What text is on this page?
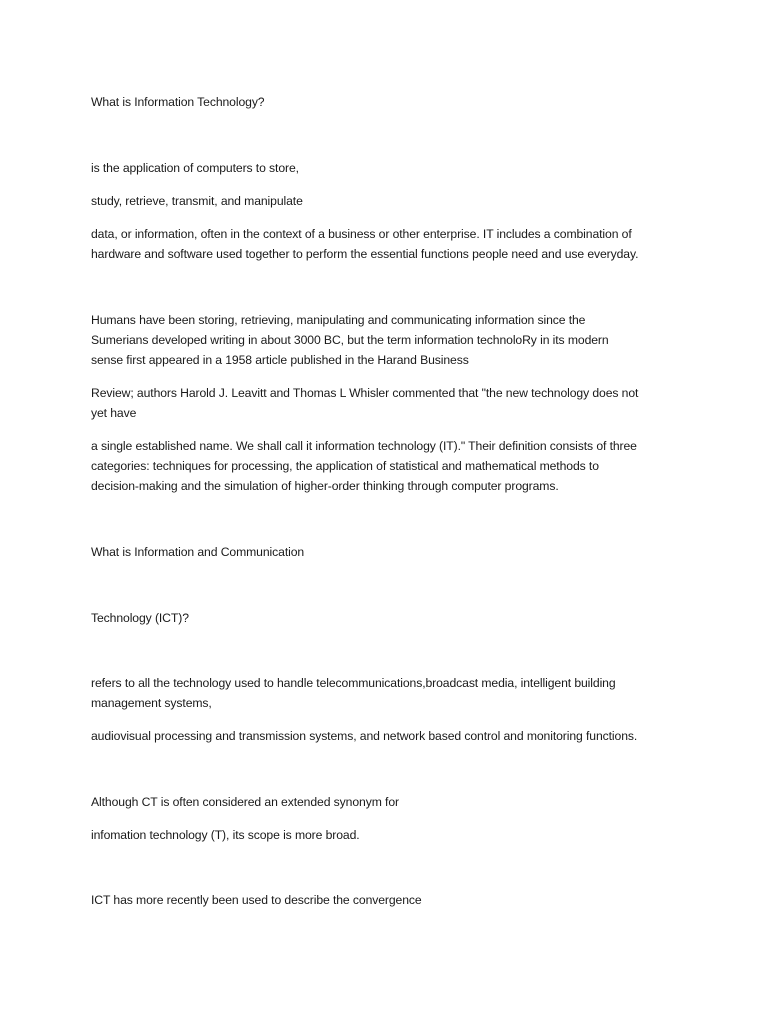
What is Information Technology?

is the application of computers to store,

study, retrieve, transmit, and manipulate

data, or information, often in the context of a business or other enterprise. IT includes a combination of
hardware and software used together to perform the essential functions people need and use everyday.

Humans have been storing, retrieving, manipulating and communicating information since the
Sumerians developed writing in about 3000 BC, but the term information technoloRy in its modern
sense first appeared in a 1958 article published in the Harand Business

Review; authors Harold J. Leavitt and Thomas L Whisler commented that "the new technology does not
yet have

a single established name. We shall call it information technology (IT)." Their definition consists of three
categories: techniques for processing, the application of statistical and mathematical methods to
decision-making and the simulation of higher-order thinking through computer programs.

What is Information and Communication

Technology (ICT)?

refers to all the technology used to handle telecommunications,broadcast media, intelligent building
management systems,

audiovisual processing and transmission systems, and network based control and monitoring functions.

Although CT is often considered an extended synonym for

infomation technology (T), its scope is more broad.

ICT has more recently been used to describe the convergence
